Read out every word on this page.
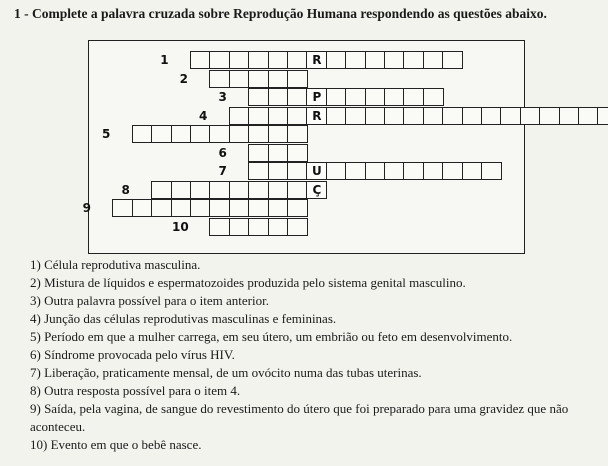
1 - Complete a palavra cruzada sobre Reprodução Humana respondendo as questões abaixo.
1	R
2
3	P
4	R
5
6
7	U
8	Ç
9
10
1) Célula reprodutiva masculina.
2) Mistura de líquidos e espermatozoides produzida pelo sistema genital masculino.
3) Outra palavra possível para o item anterior.
4) Junção das células reprodutivas masculinas e femininas.
5) Período em que a mulher carrega, em seu útero, um embrião ou feto em desenvolvimento.
6) Síndrome provocada pelo vírus HIV.
7) Liberação, praticamente mensal, de um ovócito numa das tubas uterinas.
8) Outra resposta possível para o item 4.
9) Saída, pela vagina, de sangue do revestimento do útero que foi preparado para uma gravidez que não aconteceu.
10) Evento em que o bebê nasce.
